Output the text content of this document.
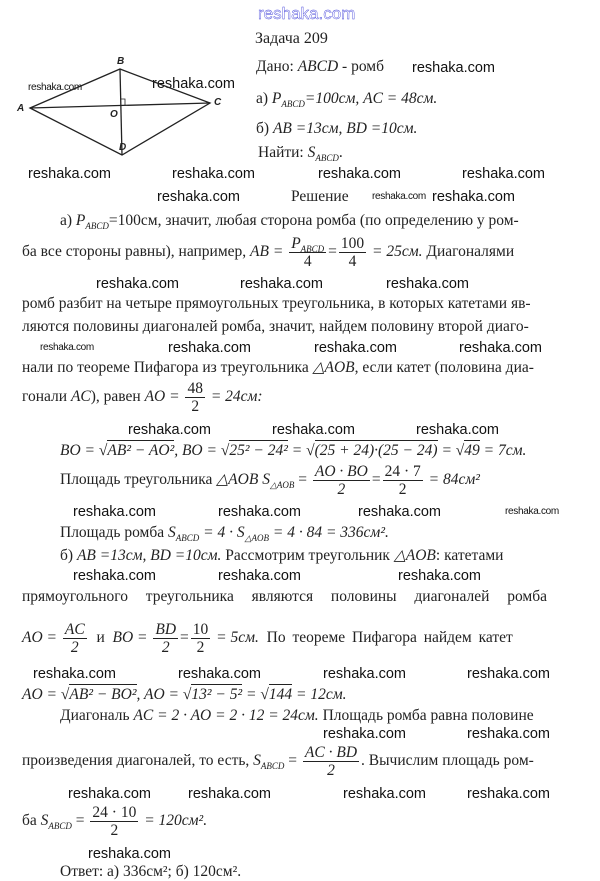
reshaka.com
reshaka.com	reshaka.com
reshaka.com
reshaka.com	reshaka.com	reshaka.com	reshaka.com
reshaka.com	reshaka.com reshaka.com
reshaka.com	reshaka.com	reshaka.com
reshaka.com	reshaka.com	reshaka.com	reshaka.com
reshaka.com	reshaka.com	reshaka.com
reshaka.com	reshaka.com	reshaka.com	reshaka.com
reshaka.com	reshaka.com	reshaka.com
reshaka.com	reshaka.com	reshaka.com	reshaka.com
reshaka.com	reshaka.com
reshaka.com	reshaka.com	reshaka.com	reshaka.com
reshaka.com
Задача 209
B
A
C
O
D
Дано: ABCD - ромб
а) $P_{ABCD}=100см$, AC = 48см.
б) AB =13см, BD =10см.
Найти: $S_{ABCD}$.
Решение
а) $P_{ABCD}=100см$, значит, любая сторона ромба (по определению у ром-
ба все стороны равны), например, AB = $P_{ABCD}$
4
= $\frac{100}{4} = 25см$. Диагоналями
ромб разбит на четыре прямоугольных треугольника, в которых катетами яв-
ляются половины диагоналей ромба, значит, найдем половину второй диаго-
нали по теореме Пифагора из треугольника △AOB, если катет (половина диа-
гонали AC), равен AO = $\frac{48}{2} = 24см$:
BO = √AB² − AO², BO = √25² − 24² = √(25 + 24)·(25 − 24) = √49 = 7см.
Площадь треугольника △AOB $S_{\triangle AOB} = \frac{AO \cdot BO}{2} = \frac{24 \cdot 7}{2} = 84см^2$
Площадь ромба $S_{ABCD} = 4 \cdot S_{\triangle AOB} = 4 \cdot 84 = 336см^2$.
б) AB =13см, BD =10см. Рассмотрим треугольник △AOB: катетами
прямоугольного треугольника являются половины диагоналей ромба
AO = $\frac{AC}{2}$ и BO = $\frac{BD}{2} = \frac{10}{2} = 5см$. По теореме Пифагора найдем катет
AO = √AB² − BO², AO = √13² − 5² = √144 = 12см.
Диагональ AC = 2 · AO = 2 · 12 = 24см. Площадь ромба равна половине
произведения диагоналей, то есть, $S_{ABCD} = \frac{AC \cdot BD}{2}$ . Вычислим площадь ром-
ба $S_{ABCD} = \frac{24 \cdot 10}{2} = 120см^2$.
Ответ: а) 336см²; б) 120см².
